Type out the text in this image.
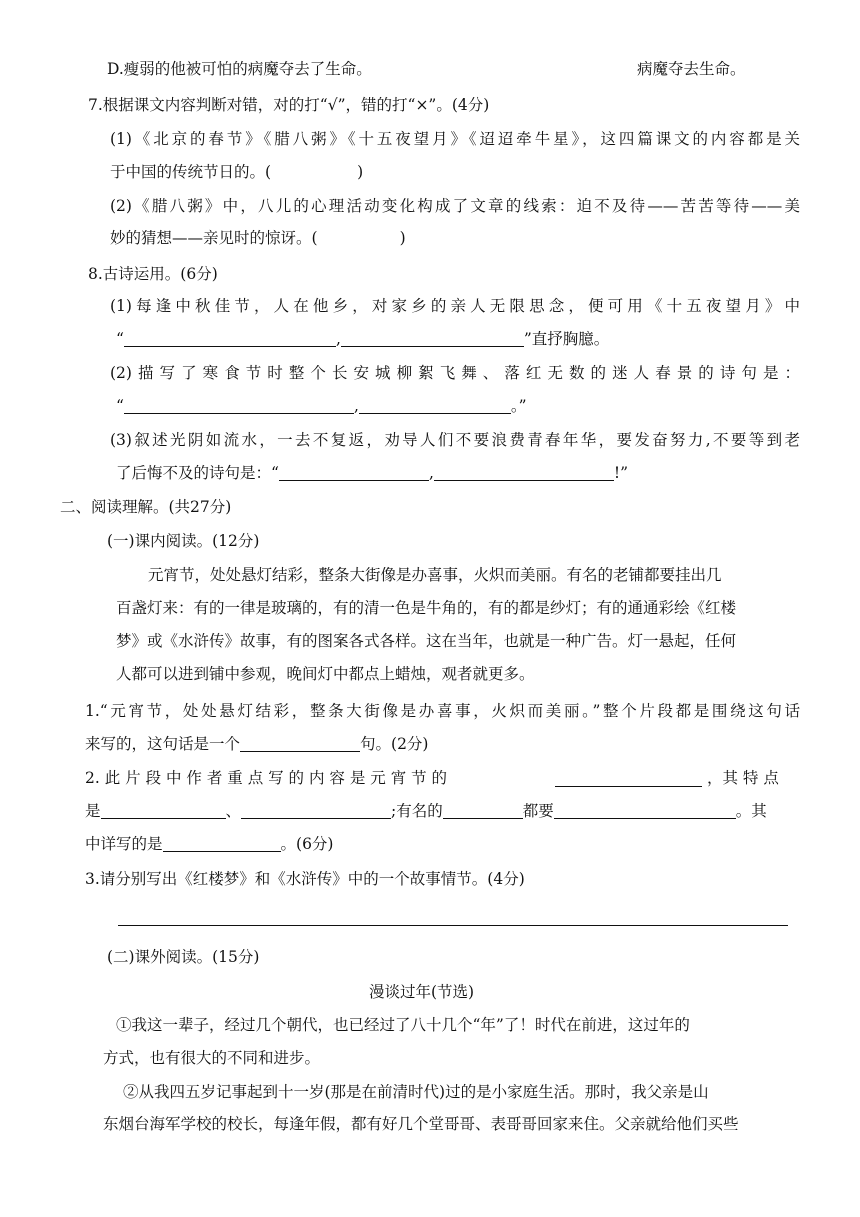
D.瘦弱的他被可怕的病魔夺去了生命。	病魔夺去生命。
7.根据课文内容判断对错，对的打“√”，错的打“×”。(4分)
(1)《北京的春节》《腊八粥》《十五夜望月》《迢迢牵牛星》，这四篇课文的内容都是关
于中国的传统节日的。(	)
(2)《腊八粥》中，八儿的心理活动变化构成了文章的线索：迫不及待——苦苦等待——美
妙的猜想——亲见时的惊讶。(	)
8.古诗运用。(6分)
(1)每逢中秋佳节，人在他乡，对家乡的亲人无限思念，便可用《十五夜望月》中
“	,	”直抒胸臆。
(2)描写了寒食节时整个长安城柳絮飞舞、落红无数的迷人春景的诗句是：
“	,	。”
(3)叙述光阴如流水，一去不复返，劝导人们不要浪费青春年华，要发奋努力,不要等到老
了后悔不及的诗句是：“	,	!”
二、阅读理解。(共27分)
(一)课内阅读。(12分)
元宵节，处处悬灯结彩，整条大街像是办喜事，火炽而美丽。有名的老铺都要挂出几
百盏灯来：有的一律是玻璃的，有的清一色是牛角的，有的都是纱灯；有的通通彩绘《红楼
梦》或《水浒传》故事，有的图案各式各样。这在当年，也就是一种广告。灯一悬起，任何
人都可以进到铺中参观，晚间灯中都点上蜡烛，观者就更多。
1.“元宵节，处处悬灯结彩，整条大街像是办喜事，火炽而美丽。”整个片段都是围绕这句话
来写的，这句话是一个	句。(2分)
2. 此 片 段 中 作 者 重 点 写 的 内 容 是 元 宵 节 的	，其 特 点
是	、	;有名的	都要	。其
中详写的是	。(6分)
3.请分别写出《红楼梦》和《水浒传》中的一个故事情节。(4分)
(二)课外阅读。(15分)
漫谈过年(节选)
①我这一辈子，经过几个朝代，也已经过了八十几个“年”了！时代在前进，这过年的
方式，也有很大的不同和进步。
②从我四五岁记事起到十一岁(那是在前清时代)过的是小家庭生活。那时，我父亲是山
东烟台海军学校的校长，每逢年假，都有好几个堂哥哥、表哥哥回家来住。父亲就给他们买些
